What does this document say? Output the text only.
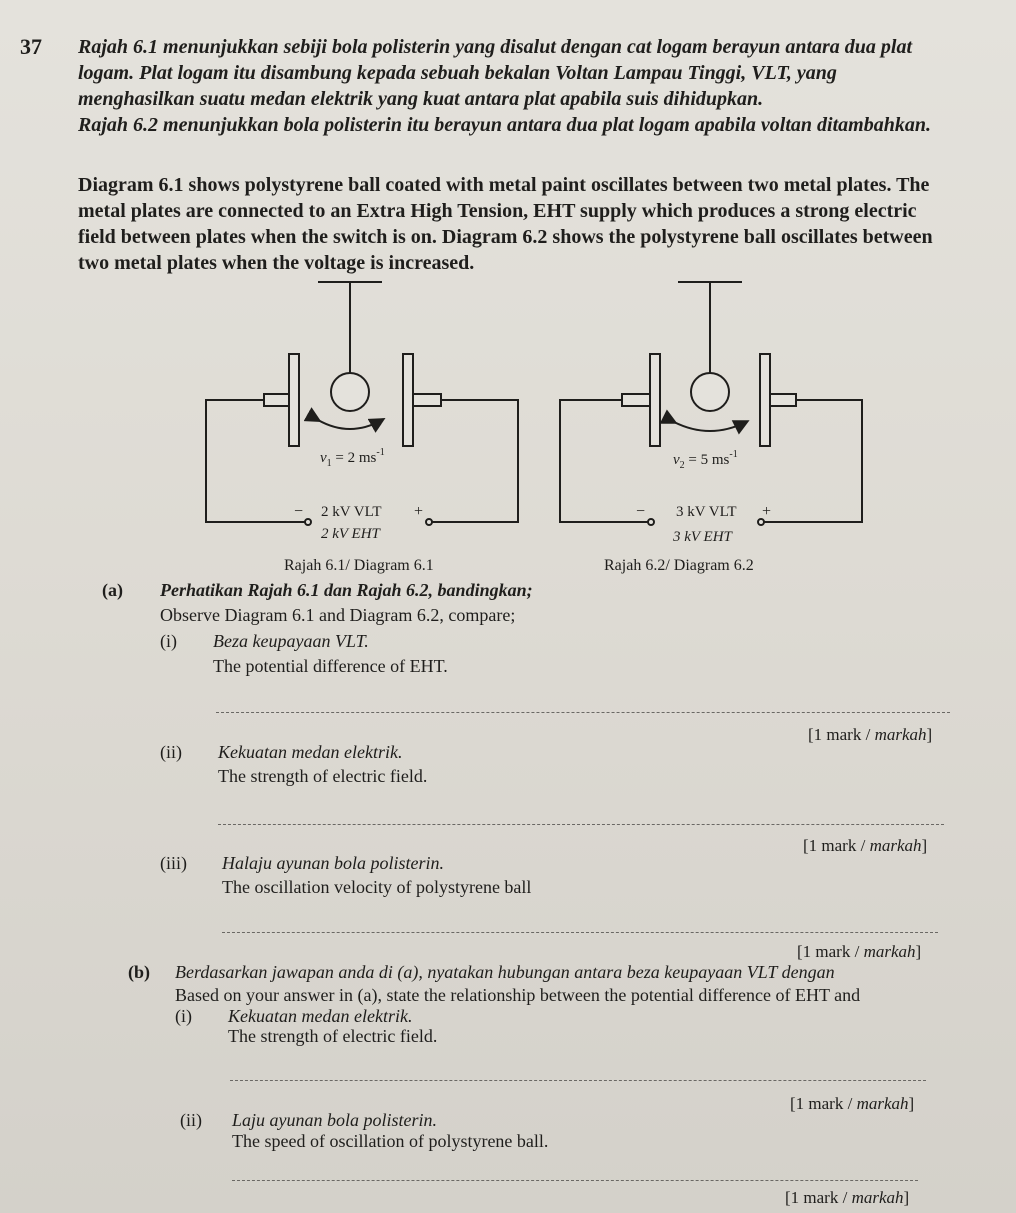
37 Rajah 6.1 menunjukkan sebiji bola polisterin yang disalut dengan cat logam berayun antara dua plat
logam. Plat logam itu disambung kepada sebuah bekalan Voltan Lampau Tinggi, VLT, yang
menghasilkan suatu medan elektrik yang kuat antara plat apabila suis dihidupkan.
Rajah 6.2 menunjukkan bola polisterin itu berayun antara dua plat logam apabila voltan ditambahkan.
Diagram 6.1 shows polystyrene ball coated with metal paint oscillates between two metal plates. The
metal plates are connected to an Extra High Tension, EHT supply which produces a strong electric
field between plates when the switch is on. Diagram 6.2 shows the polystyrene ball oscillates between
two metal plates when the voltage is increased.
$v_1 = 2$ $ms^{-1}$
− 2 kV VLT +
2 kV EHT
Rajah 6.1/ Diagram 6.1
$v_2 = 5$ $ms^{-1}$
− 3 kV VLT +
3 kV EHT
Rajah 6.2/ Diagram 6.2
(a) Perhatikan Rajah 6.1 dan Rajah 6.2, bandingkan;
Observe Diagram 6.1 and Diagram 6.2, compare;
(i) Beza keupayaan VLT.
The potential difference of EHT.
[1 mark / markah]
(ii) Kekuatan medan elektrik.
The strength of electric field.
[1 mark / markah]
(iii) Halaju ayunan bola polisterin.
The oscillation velocity of polystyrene ball
[1 mark / markah]
(b) Berdasarkan jawapan anda di (a), nyatakan hubungan antara beza keupayaan VLT dengan
Based on your answer in (a), state the relationship between the potential difference of EHT and
(i) Kekuatan medan elektrik.
The strength of electric field.
[1 mark / markah]
(ii) Laju ayunan bola polisterin.
The speed of oscillation of polystyrene ball.
[1 mark / markah]
